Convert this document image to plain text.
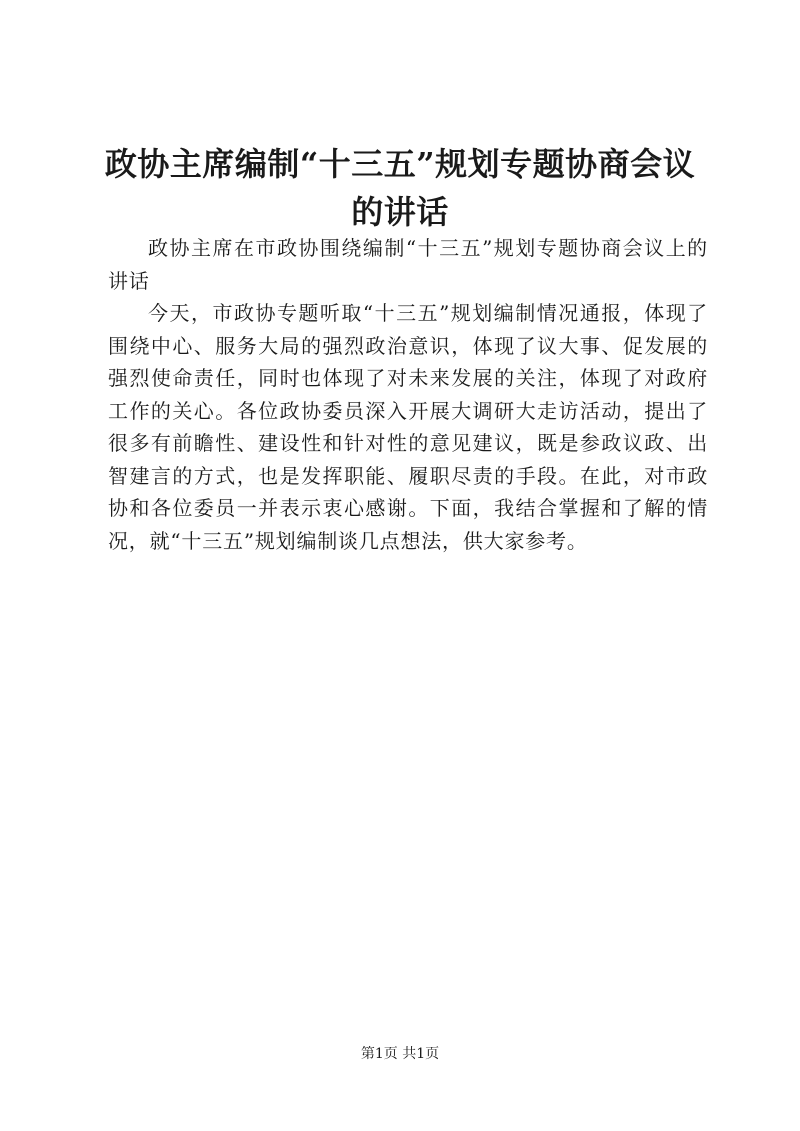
政协主席编制“十三五”规划专题协商会议的讲话

政协主席在市政协围绕编制“十三五”规划专题协商会议上的讲话

今天，市政协专题听取“十三五”规划编制情况通报，体现了围绕中心、服务大局的强烈政治意识，体现了议大事、促发展的强烈使命责任，同时也体现了对未来发展的关注，体现了对政府工作的关心。各位政协委员深入开展大调研大走访活动，提出了很多有前瞻性、建设性和针对性的意见建议，既是参政议政、出智建言的方式，也是发挥职能、履职尽责的手段。在此，对市政协和各位委员一并表示衷心感谢。下面，我结合掌握和了解的情况，就“十三五”规划编制谈几点想法，供大家参考。

第1页 共1页
